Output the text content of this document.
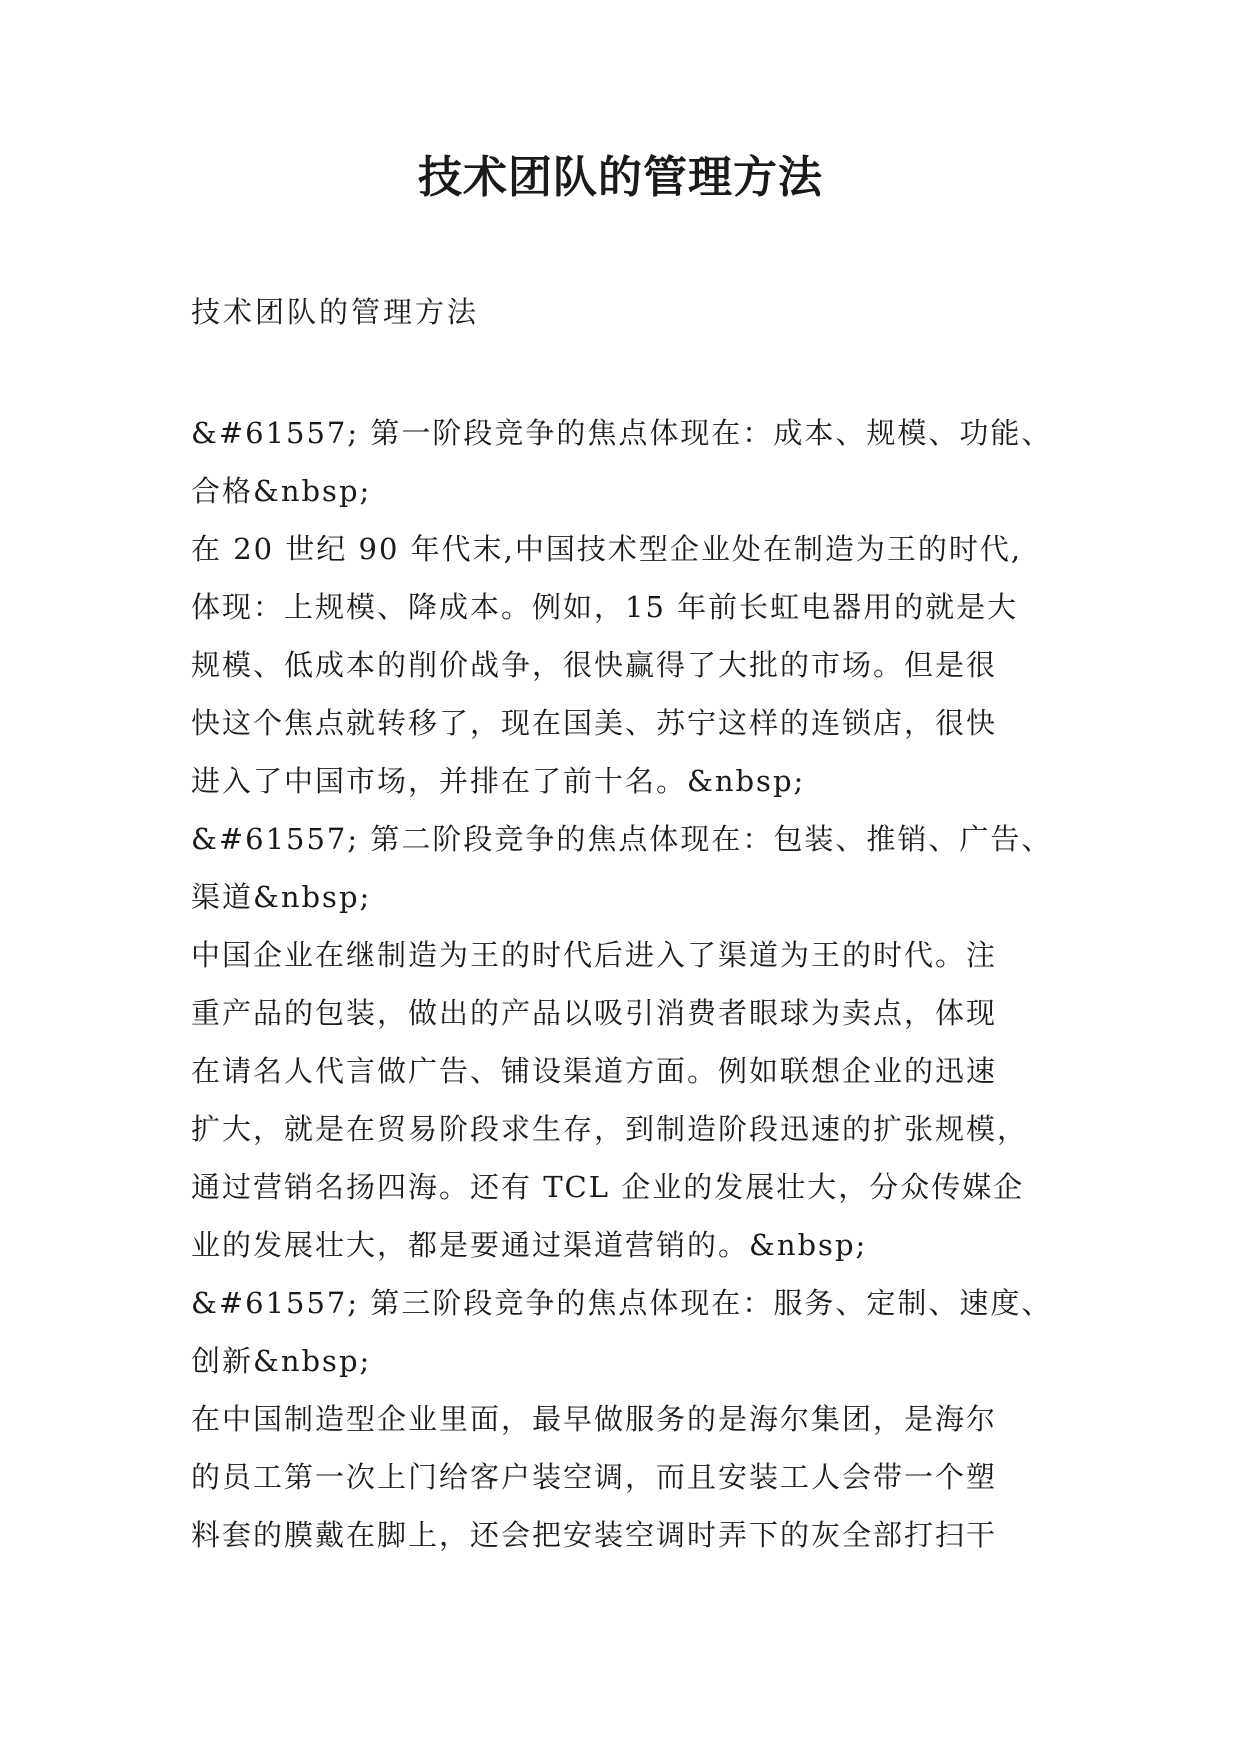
技术团队的管理方法

技术团队的管理方法

&#61557; 第一阶段竞争的焦点体现在：成本、规模、功能、
合格&nbsp;
在 20 世纪 90 年代末,中国技术型企业处在制造为王的时代,
体现：上规模、降成本。例如，15 年前长虹电器用的就是大
规模、低成本的削价战争，很快赢得了大批的市场。但是很
快这个焦点就转移了，现在国美、苏宁这样的连锁店，很快
进入了中国市场，并排在了前十名。&nbsp;
&#61557; 第二阶段竞争的焦点体现在：包装、推销、广告、
渠道&nbsp;
中国企业在继制造为王的时代后进入了渠道为王的时代。注
重产品的包装，做出的产品以吸引消费者眼球为卖点，体现
在请名人代言做广告、铺设渠道方面。例如联想企业的迅速
扩大，就是在贸易阶段求生存，到制造阶段迅速的扩张规模，
通过营销名扬四海。还有 TCL 企业的发展壮大，分众传媒企
业的发展壮大，都是要通过渠道营销的。&nbsp;
&#61557; 第三阶段竞争的焦点体现在：服务、定制、速度、
创新&nbsp;
在中国制造型企业里面，最早做服务的是海尔集团，是海尔
的员工第一次上门给客户装空调，而且安装工人会带一个塑
料套的膜戴在脚上，还会把安装空调时弄下的灰全部打扫干
